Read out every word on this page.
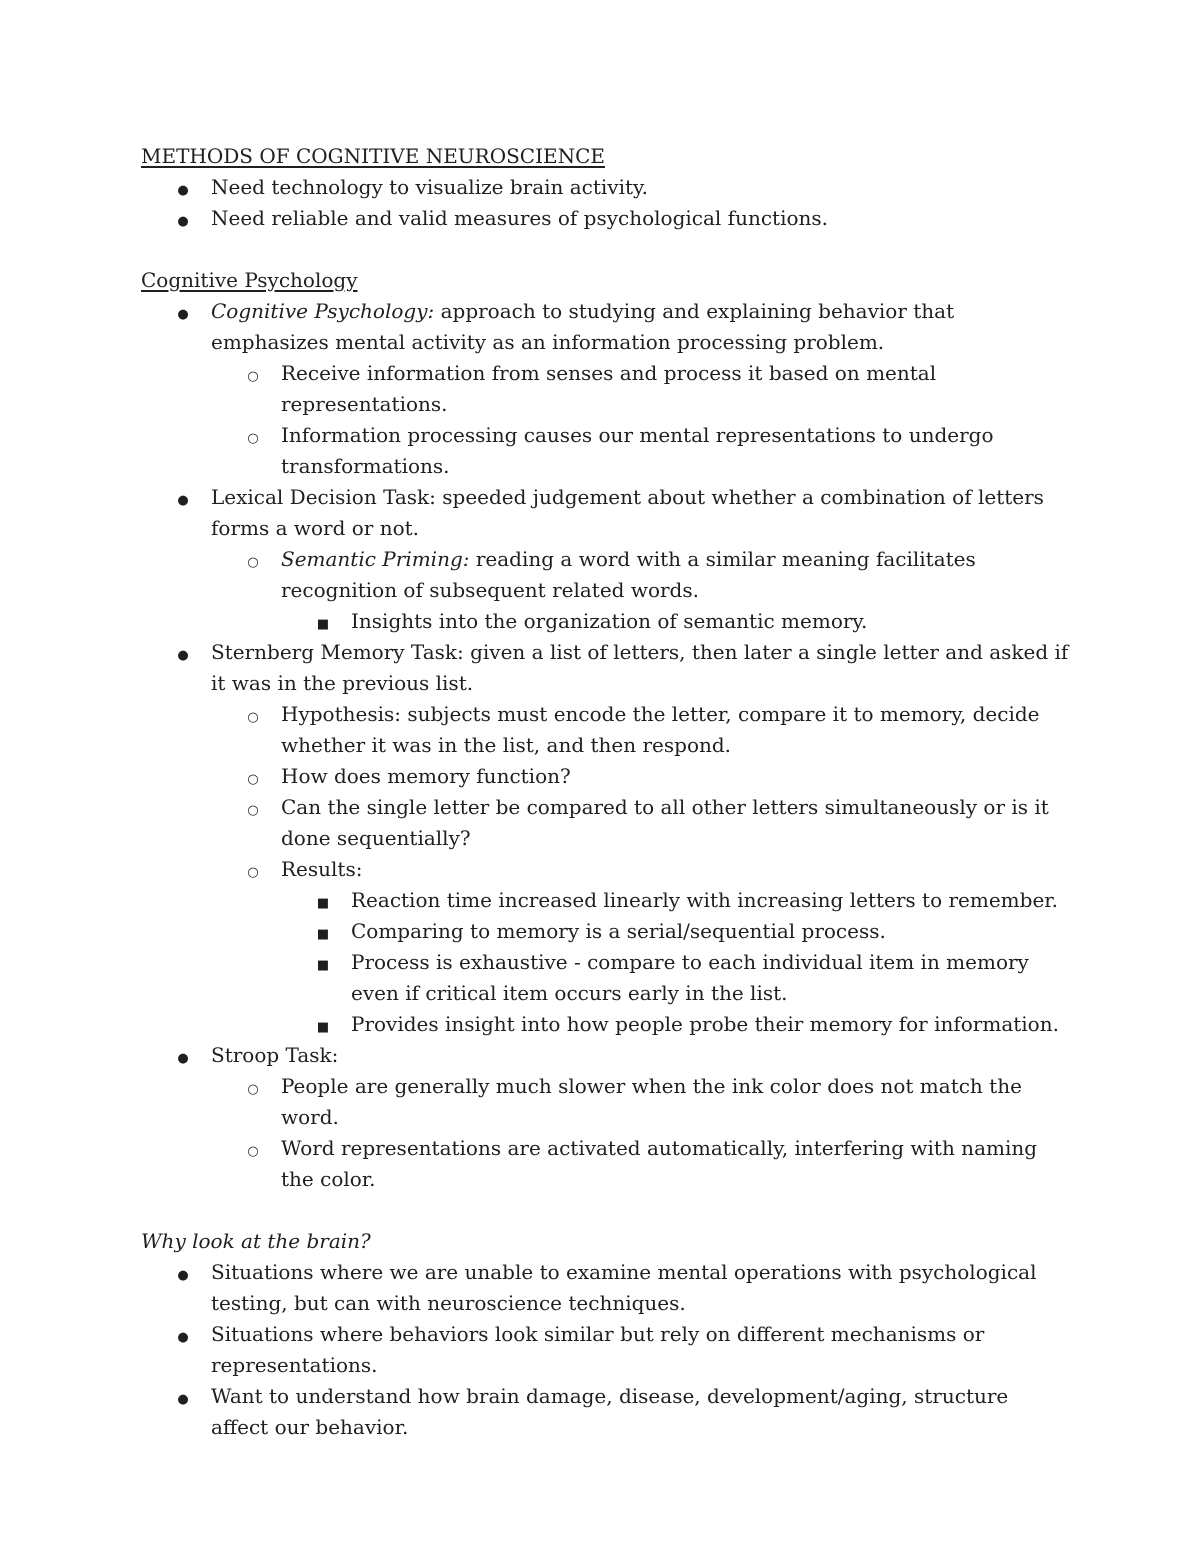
METHODS OF COGNITIVE NEUROSCIENCE
●
Need technology to visualize brain activity.
●
Need reliable and valid measures of psychological functions.
Cognitive Psychology
●
Cognitive Psychology: approach to studying and explaining behavior that emphasizes mental activity as an information processing problem.
○
Receive information from senses and process it based on mental representations.
○
Information processing causes our mental representations to undergo transformations.
●
Lexical Decision Task: speeded judgement about whether a combination of letters forms a word or not.
○
Semantic Priming: reading a word with a similar meaning facilitates recognition of subsequent related words.
■
Insights into the organization of semantic memory.
●
Sternberg Memory Task: given a list of letters, then later a single letter and asked if it was in the previous list.
○
Hypothesis: subjects must encode the letter, compare it to memory, decide whether it was in the list, and then respond.
○
How does memory function?
○
Can the single letter be compared to all other letters simultaneously or is it done sequentially?
○
Results:
■
Reaction time increased linearly with increasing letters to remember.
■
Comparing to memory is a serial/sequential process.
■
Process is exhaustive - compare to each individual item in memory even if critical item occurs early in the list.
■
Provides insight into how people probe their memory for information.
●
Stroop Task:
○
People are generally much slower when the ink color does not match the word.
○
Word representations are activated automatically, interfering with naming the color.
Why look at the brain?
●
Situations where we are unable to examine mental operations with psychological testing, but can with neuroscience techniques.
●
Situations where behaviors look similar but rely on different mechanisms or representations.
●
Want to understand how brain damage, disease, development/aging, structure affect our behavior.
